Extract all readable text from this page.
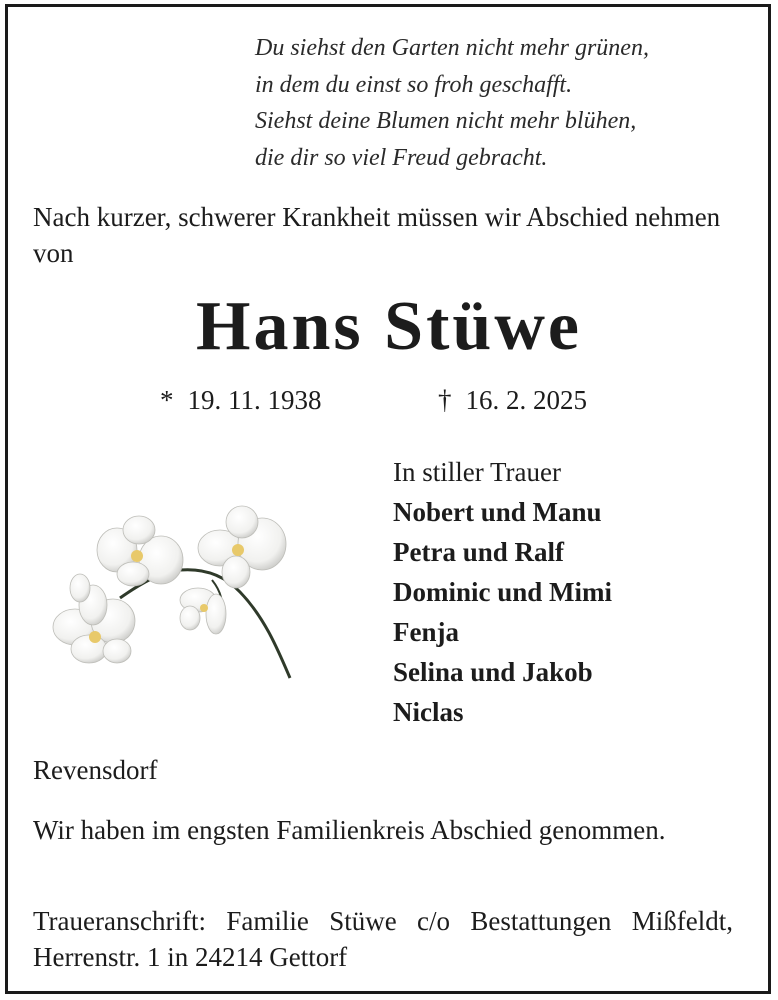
Du siehst den Garten nicht mehr grünen,
in dem du einst so froh geschafft.
Siehst deine Blumen nicht mehr blühen,
die dir so viel Freud gebracht.
Nach kurzer, schwerer Krankheit müssen wir Abschied nehmen von
Hans Stüwe
* 19. 11. 1938	† 16. 2. 2025
In stiller Trauer
Nobert und Manu
Petra und Ralf
Dominic und Mimi
Fenja
Selina und Jakob
Niclas
Revensdorf
Wir haben im engsten Familienkreis Abschied genommen.
Traueranschrift: Familie Stüwe c/o Bestattungen Mißfeldt, Herrenstr. 1 in 24214 Gettorf
